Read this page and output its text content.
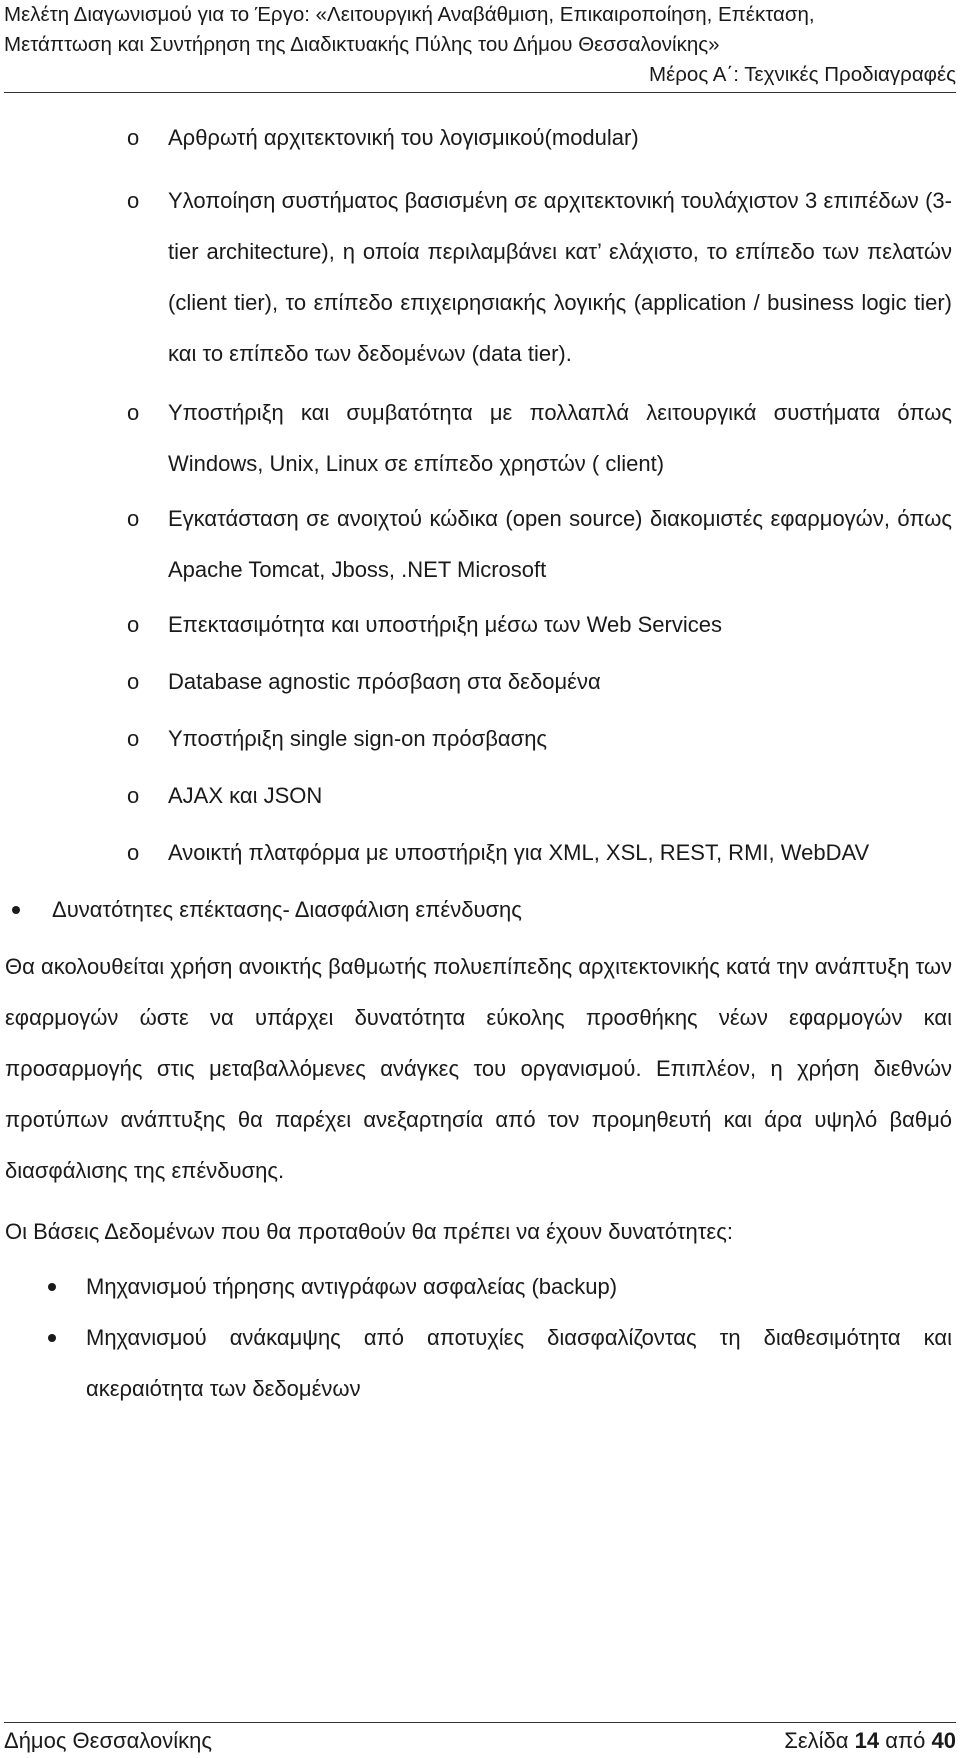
Μελέτη Διαγωνισμού για το Έργο: «Λειτουργική Αναβάθμιση, Επικαιροποίηση, Επέκταση,
Μετάπτωση και Συντήρηση της Διαδικτυακής Πύλης του Δήμου Θεσσαλονίκης»
Μέρος Α΄: Τεχνικές Προδιαγραφές
o Αρθρωτή αρχιτεκτονική του λογισμικού(modular)
o Υλοποίηση συστήματος βασισμένη σε αρχιτεκτονική τουλάχιστον 3 επιπέδων (3-tier architecture), η οποία περιλαμβάνει κατ’ ελάχιστο, το επίπεδο των πελατών (client tier), το επίπεδο επιχειρησιακής λογικής (application / business logic tier) και το επίπεδο των δεδομένων (data tier).
o Υποστήριξη και συμβατότητα με πολλαπλά λειτουργικά συστήματα όπως Windows, Unix, Linux σε επίπεδο χρηστών ( client)
o Εγκατάσταση σε ανοιχτού κώδικα (open source) διακομιστές εφαρμογών, όπως Apache Tomcat, Jboss, .NET Microsoft
o Επεκτασιμότητα και υποστήριξη μέσω των Web Services
o Database agnostic πρόσβαση στα δεδομένα
o Υποστήριξη single sign-on πρόσβασης
o AJAX και JSON
o Ανοικτή πλατφόρμα με υποστήριξη για XML, XSL, REST, RMI, WebDAV
Δυνατότητες επέκτασης- Διασφάλιση επένδυσης
Θα ακολουθείται χρήση ανοικτής βαθμωτής πολυεπίπεδης αρχιτεκτονικής κατά την ανάπτυξη των εφαρμογών ώστε να υπάρχει δυνατότητα εύκολης προσθήκης νέων εφαρμογών και προσαρμογής στις μεταβαλλόμενες ανάγκες του οργανισμού. Επιπλέον, η χρήση διεθνών προτύπων ανάπτυξης θα παρέχει ανεξαρτησία από τον προμηθευτή και άρα υψηλό βαθμό διασφάλισης της επένδυσης.
Οι Βάσεις Δεδομένων που θα προταθούν θα πρέπει να έχουν δυνατότητες:
Μηχανισμού τήρησης αντιγράφων ασφαλείας (backup)
Μηχανισμού ανάκαμψης από αποτυχίες διασφαλίζοντας τη διαθεσιμότητα και ακεραιότητα των δεδομένων
Δήμος Θεσσαλονίκης	Σελίδα 14 από 40
